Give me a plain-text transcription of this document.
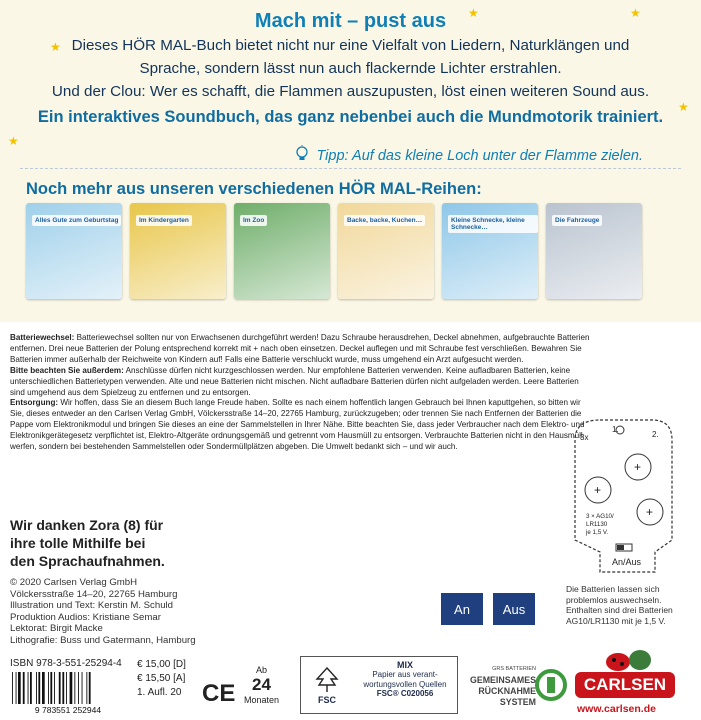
★	★
★
★
★
Mach mit – pust aus
Dieses HÖR MAL-Buch bietet nicht nur eine Vielfalt von Liedern, Naturklängen und
Sprache, sondern lässt nun auch flackernde Lichter erstrahlen.
Und der Clou: Wer es schafft, die Flammen auszupusten, löst einen weiteren Sound aus.
Ein interaktives Soundbuch, das ganz nebenbei auch die Mundmotorik trainiert.
Tipp: Auf das kleine Loch unter der Flamme zielen.
Noch mehr aus unseren verschiedenen HÖR MAL-Reihen:
Alles Gute zum Geburtstag	Im Kindergarten	Im Zoo	Backe, backe, Kuchen…	Kleine Schnecke, kleine Schnecke…
Die Fahrzeuge
Batteriewechsel: Batteriewechsel sollten nur von Erwachsenen durchgeführt werden! Dazu Schraube herausdrehen, Deckel abnehmen, aufgebrauchte Batterien entfernen. Drei neue Batterien der Polung entsprechend korrekt mit + nach oben einsetzen. Deckel auflegen und mit Schraube fest verschließen. Bewahren Sie Batterien immer außerhalb der Reichweite von Kindern auf! Falls eine Batterie verschluckt wurde, muss umgehend ein Arzt aufgesucht werden.
Bitte beachten Sie außerdem: Anschlüsse dürfen nicht kurzgeschlossen werden. Nur empfohlene Batterien verwenden. Keine aufladbaren Batterien, keine unterschiedlichen Batterietypen verwenden. Alte und neue Batterien nicht mischen. Nicht aufladbare Batterien dürfen nicht aufgeladen werden. Leere Batterien sind umgehend aus dem Spielzeug zu entfernen und zu entsorgen.
Entsorgung: Wir hoffen, dass Sie an diesem Buch lange Freude haben. Sollte es nach einem hoffentlich langen Gebrauch bei Ihnen kaputtgehen, so bitten wir Sie, dieses entweder an den Carlsen Verlag GmbH, Völckersstraße 14–20, 22765 Hamburg, zurückzugeben; oder trennen Sie nach Entfernen der Batterien die Pappe vom Elektronikmodul und bringen Sie dieses an eine der Sammelstellen in Ihrer Nähe. Bitte beachten Sie, dass jeder Verbraucher nach dem Elektro- und Elektronikgerätegesetz verpflichtet ist, Elektro-Altgeräte ordnungsgemäß und getrennt vom Hausmüll zu entsorgen. Verbrauchte Batterien nicht in den Hausmüll werfen, sondern bei bestehenden Sammelstellen oder Sondermüllplätzen abgeben. Die Umwelt bedankt sich – und wir auch.
Wir danken Zora (8) für
ihre tolle Mithilfe bei
den Sprachaufnahmen.
© 2020 Carlsen Verlag GmbH
Völckersstraße 14–20, 22765 Hamburg
Illustration und Text: Kerstin M. Schuld
Produktion Audios: Kristiane Semar
Lektorat: Birgit Macke
Lithografie: Buss und Gatermann, Hamburg
An	Aus
3x
1.
2.
+
+
+
3 × AG10/
LR1130
je 1,5 V.
An/Aus
Die Batterien lassen sich problemlos auswechseln. Enthalten sind drei Batterien AG10/LR1130 mit je 1,5 V.
ISBN 978-3-551-25294-4
9 783551 252944
€ 15,00 [D]
€ 15,50 [A]
1. Aufl. 20 CE
Ab
24
Monaten	FSC
MIX
Papier aus verant-
wortungsvollen Quellen
FSC® C020056
GRS BATTERIEN
GEMEINSAMES
RÜCKNAHME
SYSTEM
CARLSEN
www.carlsen.de
